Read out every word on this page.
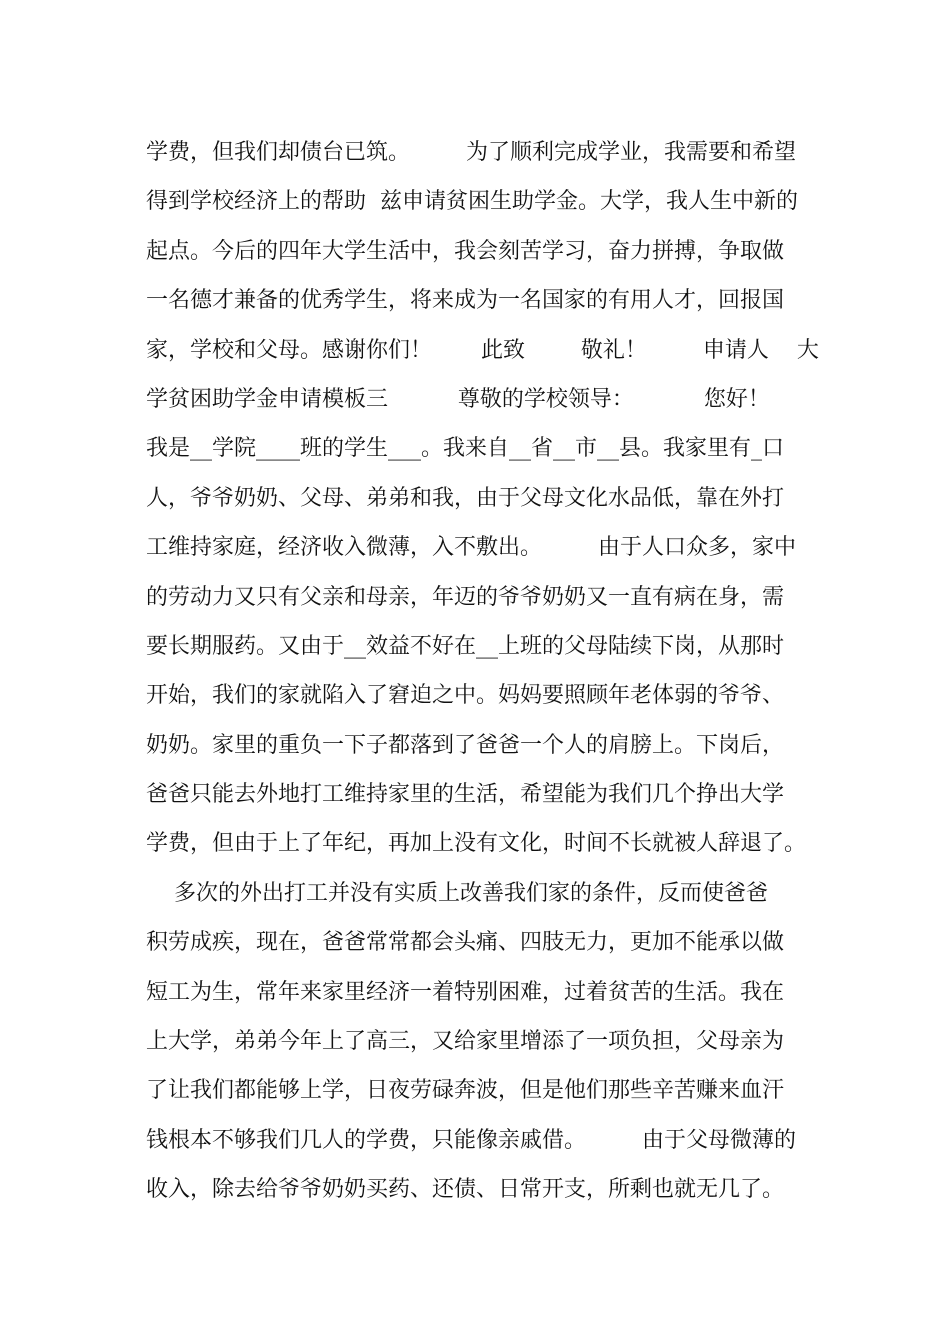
学费，但我们却债台已筑。        为了顺利完成学业，我需要和希望
得到学校经济上的帮助  兹申请贫困生助学金。大学，我人生中新的
起点。今后的四年大学生活中，我会刻苦学习，奋力拼搏，争取做
一名德才兼备的优秀学生，将来成为一名国家的有用人才，回报国
家，学校和父母。感谢你们！       此致        敬礼！        申请人    大
学贫困助学金申请模板三          尊敬的学校领导：          您好！
我是__学院____班的学生___。我来自__省__市__县。我家里有_口
人，爷爷奶奶、父母、弟弟和我，由于父母文化水品低，靠在外打
工维持家庭，经济收入微薄，入不敷出。        由于人口众多，家中
的劳动力又只有父亲和母亲，年迈的爷爷奶奶又一直有病在身，需
要长期服药。又由于__效益不好在__上班的父母陆续下岗，从那时
开始，我们的家就陷入了窘迫之中。妈妈要照顾年老体弱的爷爷、
奶奶。家里的重负一下子都落到了爸爸一个人的肩膀上。下岗后，
爸爸只能去外地打工维持家里的生活，希望能为我们几个挣出大学
学费，但由于上了年纪，再加上没有文化，时间不长就被人辞退了。
多次的外出打工并没有实质上改善我们家的条件，反而使爸爸
积劳成疾，现在，爸爸常常都会头痛、四肢无力，更加不能承以做
短工为生，常年来家里经济一着特别困难，过着贫苦的生活。我在
上大学，弟弟今年上了高三，又给家里增添了一项负担，父母亲为
了让我们都能够上学，日夜劳碌奔波，但是他们那些辛苦赚来血汗
钱根本不够我们几人的学费，只能像亲戚借。        由于父母微薄的
收入，除去给爷爷奶奶买药、还债、日常开支，所剩也就无几了。
